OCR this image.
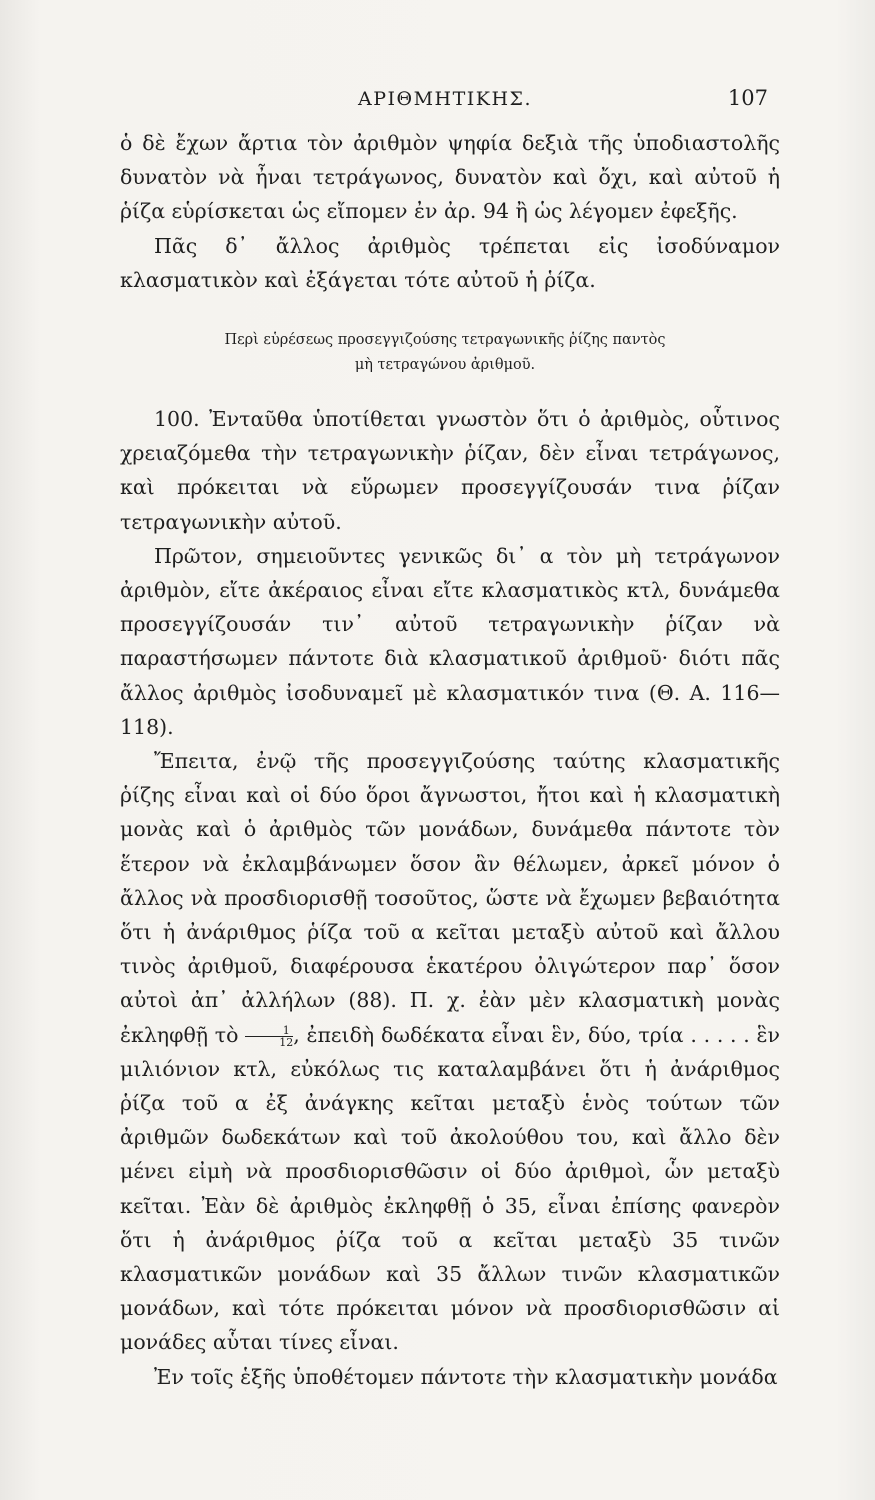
ΑΡΙΘΜΗΤΙΚΗΣ.	107

ὁ δὲ ἔχων ἄρτια τὸν ἀριθμὸν ψηφία δεξιὰ τῆς ὑποδιαστολῆς δυνατὸν νὰ ἦναι τετράγωνος, δυνατὸν καὶ ὄχι, καὶ αὐτοῦ ἡ ῥίζα εὑρίσκεται ὡς εἴπομεν ἐν ἀρ. 94 ἢ ὡς λέγομεν ἐφεξῆς.

Πᾶς δ᾽ ἄλλος ἀριθμὸς τρέπεται εἰς ἰσοδύναμον κλασματικὸν καὶ ἐξάγεται τότε αὐτοῦ ἡ ῥίζα.

Περὶ εὑρέσεως προσεγγιζούσης τετραγωνικῆς ῥίζης παντὸς
μὴ τετραγώνου ἀριθμοῦ.

100. Ἐνταῦθα ὑποτίθεται γνωστὸν ὅτι ὁ ἀριθμὸς, οὗτινος χρειαζόμεθα τὴν τετραγωνικὴν ῥίζαν, δὲν εἶναι τετράγωνος, καὶ πρόκειται νὰ εὕρωμεν προσεγγίζουσάν τινα ῥίζαν τετραγωνικὴν αὐτοῦ.

Πρῶτον, σημειοῦντες γενικῶς δι᾽ α τὸν μὴ τετράγωνον ἀριθμὸν, εἴτε ἀκέραιος εἶναι εἴτε κλασματικὸς κτλ, δυνάμεθα προσεγγίζουσάν τιν᾽ αὐτοῦ τετραγωνικὴν ῥίζαν νὰ παραστήσωμεν πάντοτε διὰ κλασματικοῦ ἀριθμοῦ· διότι πᾶς ἄλλος ἀριθμὸς ἰσοδυναμεῖ μὲ κλασματικόν τινα (Θ. Α. 116—118).

Ἔπειτα, ἐνῷ τῆς προσεγγιζούσης ταύτης κλασματικῆς ῥίζης εἶναι καὶ οἱ δύο ὅροι ἄγνωστοι, ἤτοι καὶ ἡ κλασματικὴ μονὰς καὶ ὁ ἀριθμὸς τῶν μονάδων, δυνάμεθα πάντοτε τὸν ἕτερον νὰ ἐκλαμβάνωμεν ὅσον ἂν θέλωμεν, ἀρκεῖ μόνον ὁ ἄλλος νὰ προσδιορισθῇ τοσοῦτος, ὥστε νὰ ἔχωμεν βεβαιότητα ὅτι ἡ ἀνάριθμος ῥίζα τοῦ α κεῖται μεταξὺ αὐτοῦ καὶ ἄλλου τινὸς ἀριθμοῦ, διαφέρουσα ἑκατέρου ὀλιγώτερον παρ᾽ ὅσον αὐτοὶ ἀπ᾽ ἀλλήλων (88). Π. χ. ἐὰν μὲν κλασματικὴ μονὰς ἐκληφθῇ τὸ $\frac{1}{12}$ , ἐπειδὴ δωδέκατα εἶναι ἓν, δύο, τρία . . . . . ἓν μιλιόνιον κτλ, εὐκόλως τις καταλαμβάνει ὅτι ἡ ἀνάριθμος ῥίζα τοῦ α ἐξ ἀνάγκης κεῖται μεταξὺ ἑνὸς τούτων τῶν ἀριθμῶν δωδεκάτων καὶ τοῦ ἀκολούθου του, καὶ ἄλλο δὲν μένει εἰμὴ νὰ προσδιορισθῶσιν οἱ δύο ἀριθμοὶ, ὧν μεταξὺ κεῖται. Ἐὰν δὲ ἀριθμὸς ἐκληφθῇ ὁ 35, εἶναι ἐπίσης φανερὸν ὅτι ἡ ἀνάριθμος ῥίζα τοῦ α κεῖται μεταξὺ 35 τινῶν κλασματικῶν μονάδων καὶ 35 ἄλλων τινῶν κλασματικῶν μονάδων, καὶ τότε πρόκειται μόνον νὰ προσδιορισθῶσιν αἱ μονάδες αὗται τίνες εἶναι.

Ἐν τοῖς ἑξῆς ὑποθέτομεν πάντοτε τὴν κλασματικὴν μονάδα
